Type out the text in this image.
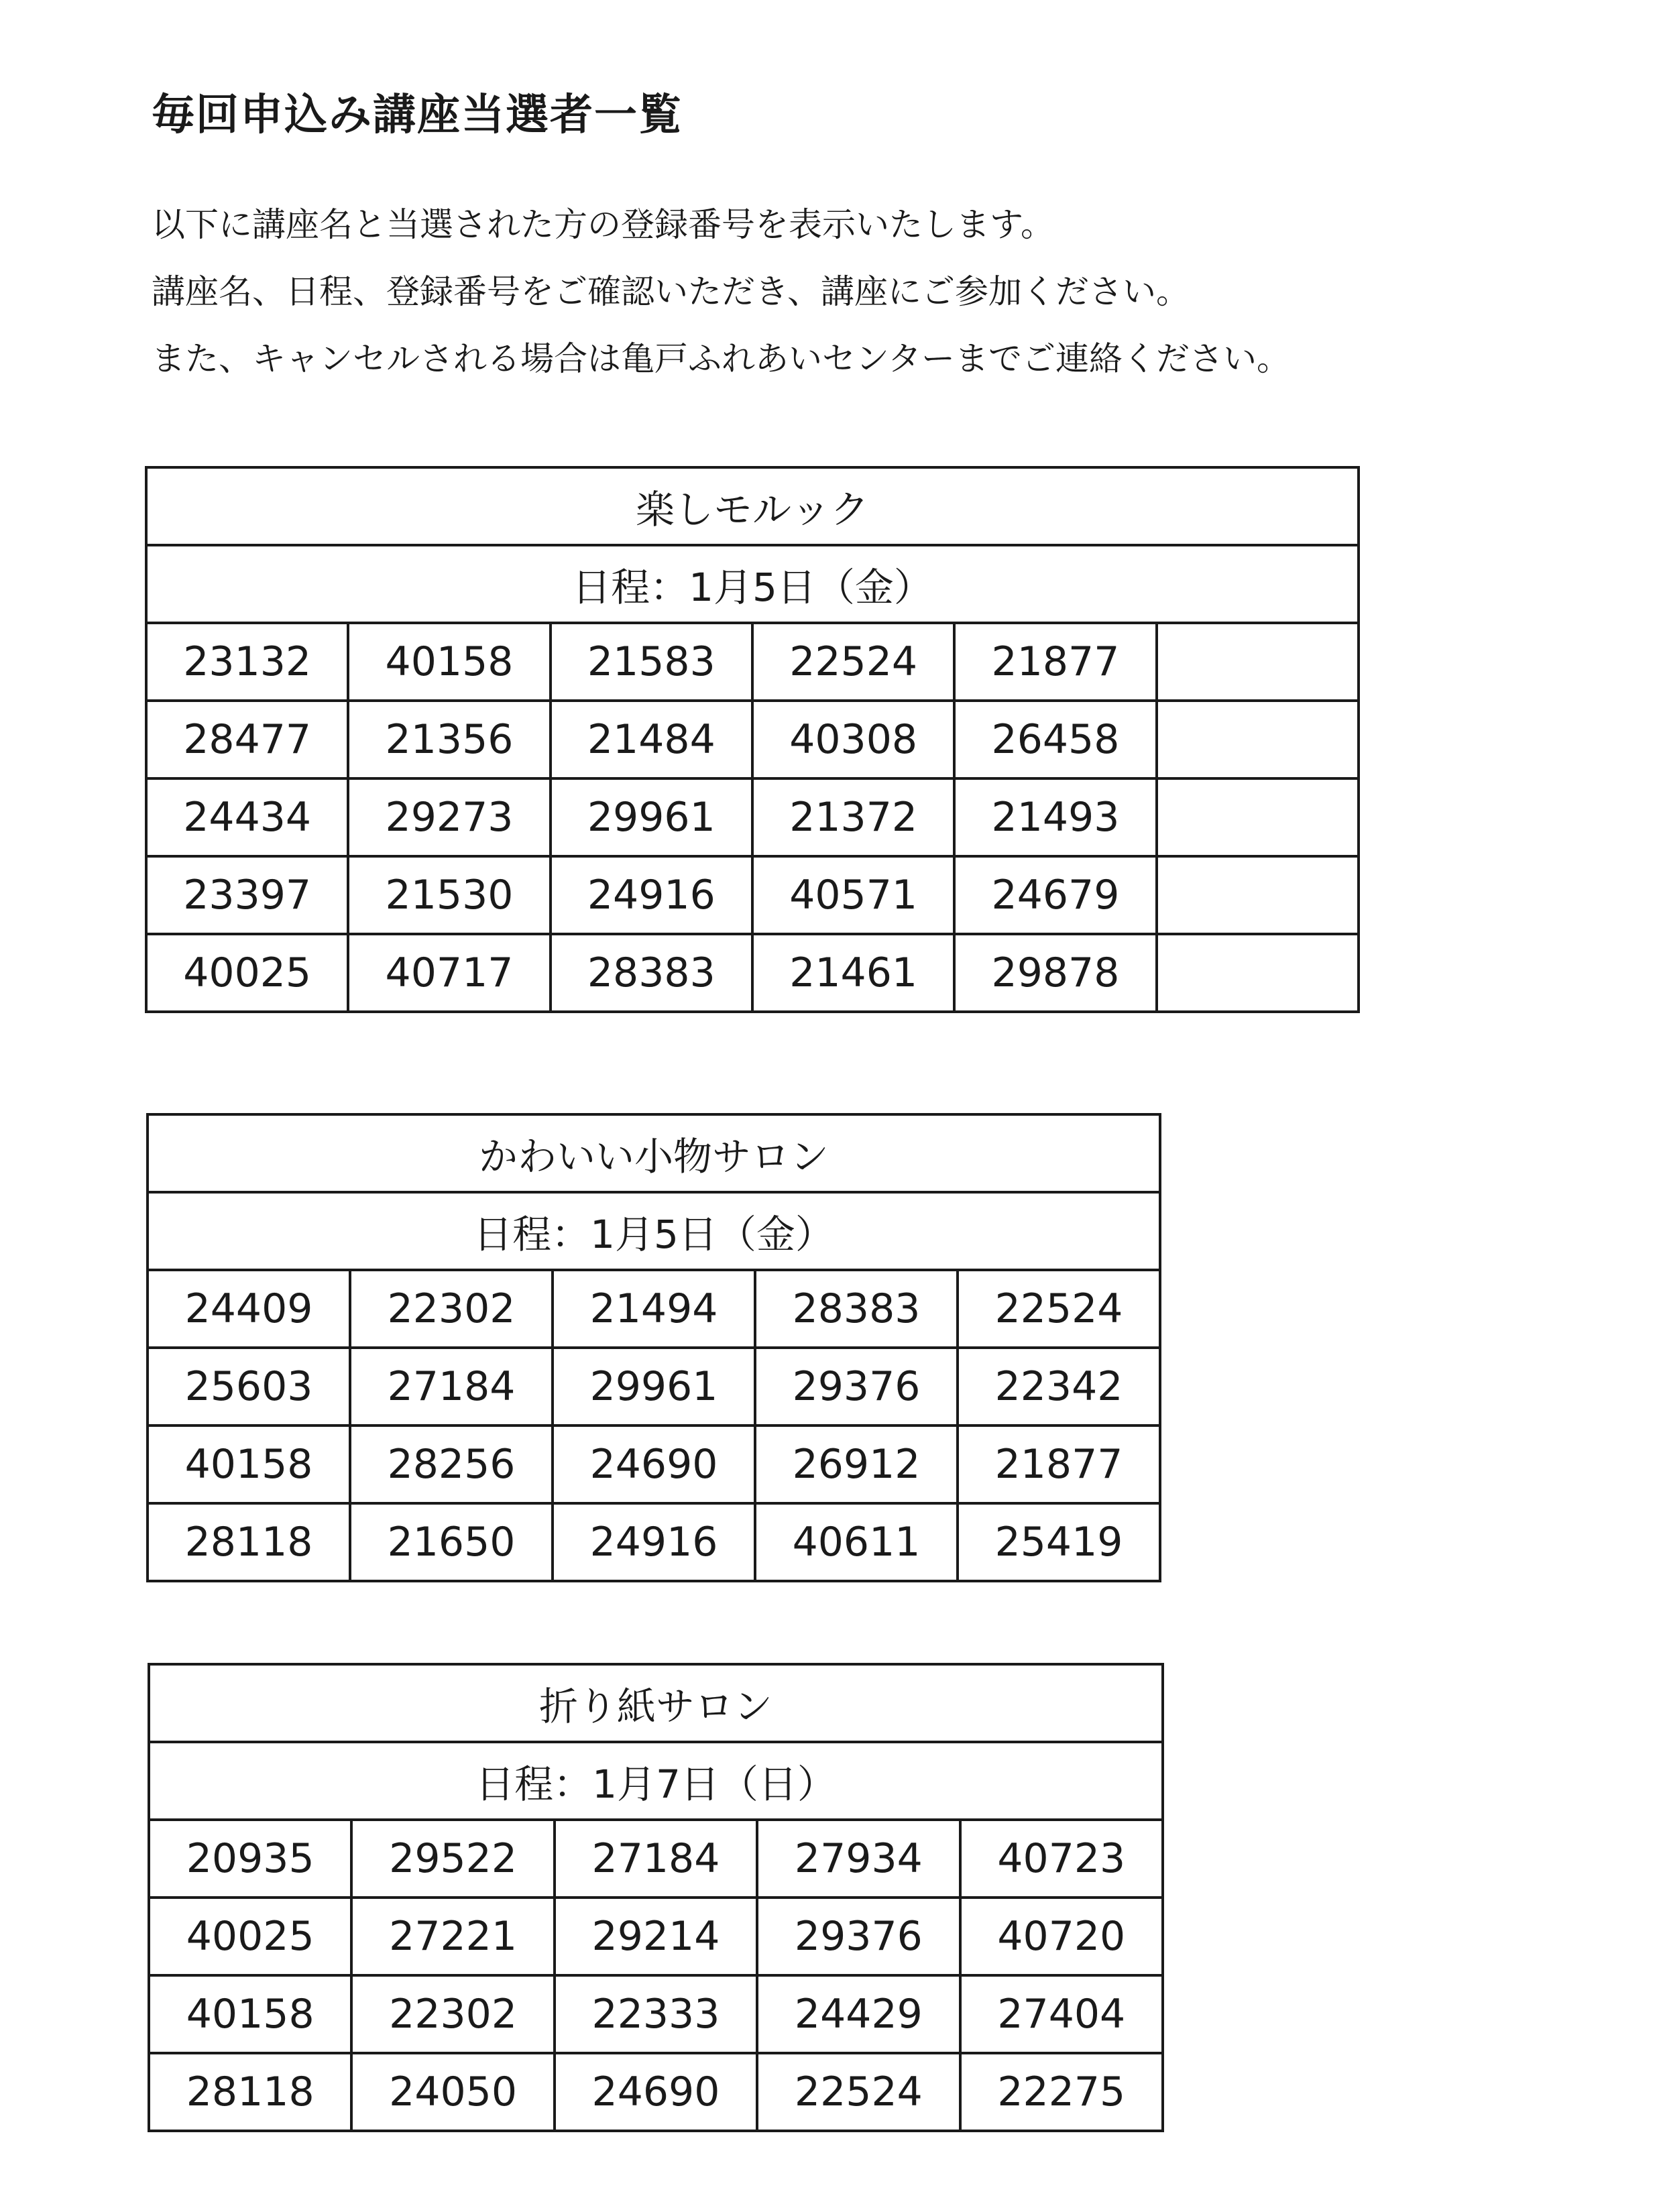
毎回申込み講座当選者一覧

以下に講座名と当選された方の登録番号を表示いたします。

講座名、日程、登録番号をご確認いただき、講座にご参加ください。

また、キャンセルされる場合は亀戸ふれあいセンターまでご連絡ください。

楽しモルック					
日程：1月5日（金）					
23132	40158	21583	22524	21877	
28477	21356	21484	40308	26458	
24434	29273	29961	21372	21493	
23397	21530	24916	40571	24679	
40025	40717	28383	21461	29878	
かわいい小物サロン				
日程：1月5日（金）				
24409	22302	21494	28383	22524
25603	27184	29961	29376	22342
40158	28256	24690	26912	21877
28118	21650	24916	40611	25419
折り紙サロン				
日程：1月7日（日）				
20935	29522	27184	27934	40723
40025	27221	29214	29376	40720
40158	22302	22333	24429	27404
28118	24050	24690	22524	22275
